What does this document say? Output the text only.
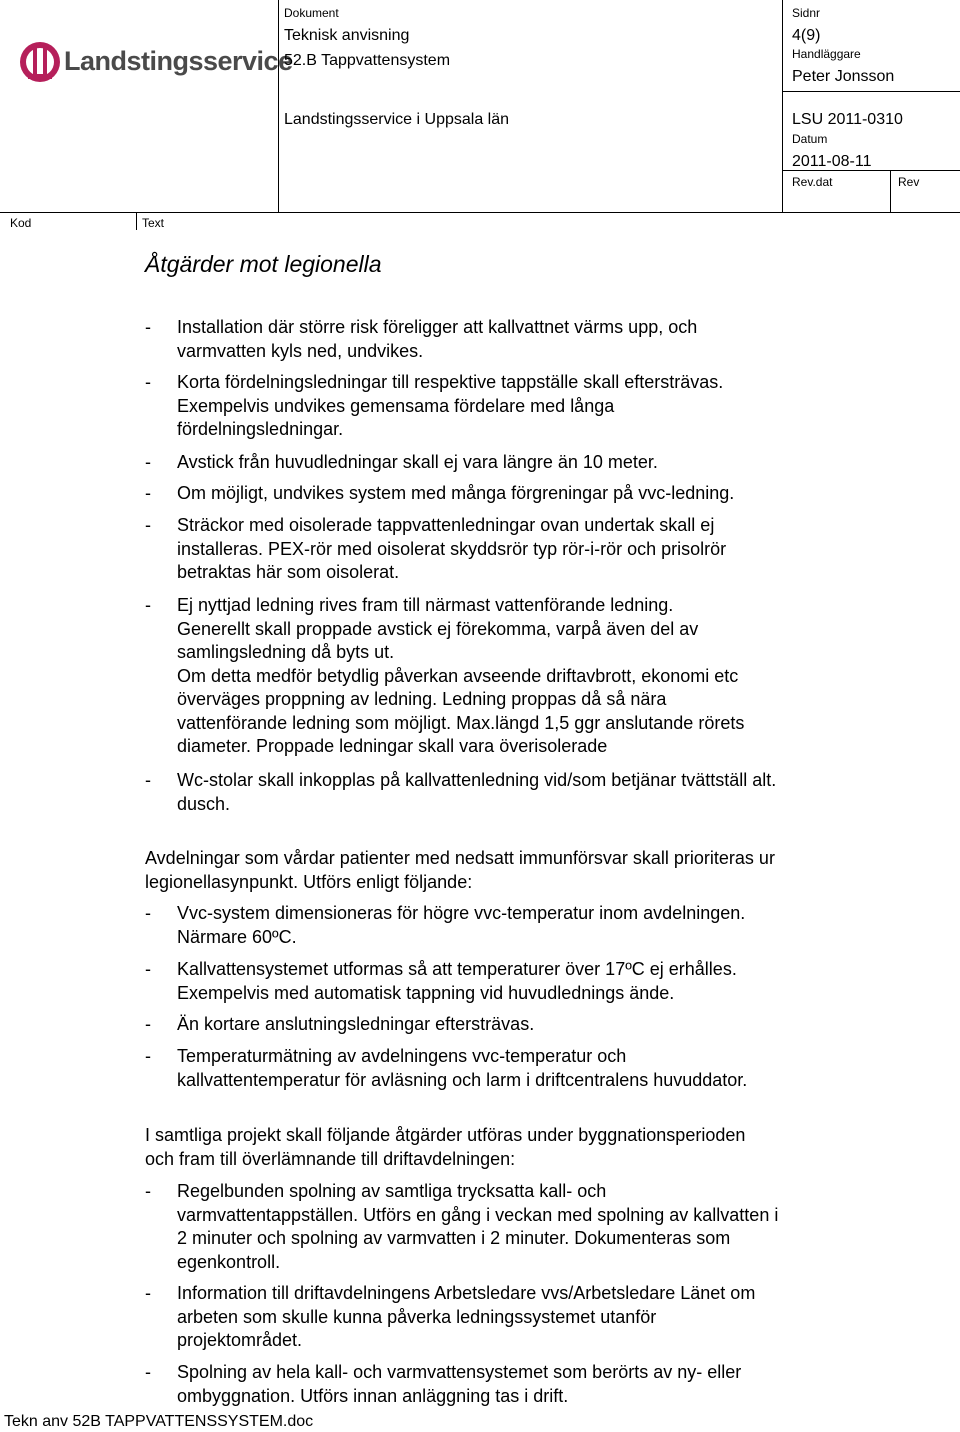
Landstingsservice
Dokument
Teknisk anvisning
52.B Tappvattensystem
Landstingsservice i Uppsala län
Sidnr
4(9)
Handläggare
Peter Jonsson
LSU 2011-0310
Datum
2011-08-11
Rev.dat	Rev
Kod	Text
Åtgärder mot legionella
- Installation där större risk föreligger att kallvattnet värms upp, och
varmvatten kyls ned, undvikes.
- Korta fördelningsledningar till respektive tappställe skall eftersträvas.
Exempelvis undvikes gemensama fördelare med långa
fördelningsledningar.
- Avstick från huvudledningar skall ej vara längre än 10 meter.
- Om möjligt, undvikes system med många förgreningar på vvc-ledning.
- Sträckor med oisolerade tappvattenledningar ovan undertak skall ej
installeras. PEX-rör med oisolerat skyddsrör typ rör-i-rör och prisolrör
betraktas här som oisolerat.
- Ej nyttjad ledning rives fram till närmast vattenförande ledning.
Generellt skall proppade avstick ej förekomma, varpå även del av
samlingsledning då byts ut.
Om detta medför betydlig påverkan avseende driftavbrott, ekonomi etc
överväges proppning av ledning. Ledning proppas då så nära
vattenförande ledning som möjligt. Max.längd 1,5 ggr anslutande rörets
diameter. Proppade ledningar skall vara överisolerade
- Wc-stolar skall inkopplas på kallvattenledning vid/som betjänar tvättställ alt.
dusch.
Avdelningar som vårdar patienter med nedsatt immunförsvar skall prioriteras ur
legionellasynpunkt. Utförs enligt följande:
- Vvc-system dimensioneras för högre vvc-temperatur inom avdelningen.
Närmare 60ºC.
- Kallvattensystemet utformas så att temperaturer över 17ºC ej erhålles.
Exempelvis med automatisk tappning vid huvudlednings ände.
- Än kortare anslutningsledningar eftersträvas.
- Temperaturmätning av avdelningens vvc-temperatur och
kallvattentemperatur för avläsning och larm i driftcentralens huvuddator.
I samtliga projekt skall följande åtgärder utföras under byggnationsperioden
och fram till överlämnande till driftavdelningen:
- Regelbunden spolning av samtliga trycksatta kall- och
varmvattentappställen. Utförs en gång i veckan med spolning av kallvatten i
2 minuter och spolning av varmvatten i 2 minuter. Dokumenteras som
egenkontroll.
- Information till driftavdelningens Arbetsledare vvs/Arbetsledare Länet om
arbeten som skulle kunna påverka ledningssystemet utanför
projektområdet.
- Spolning av hela kall- och varmvattensystemet som berörts av ny- eller
ombyggnation. Utförs innan anläggning tas i drift.
Tekn anv 52B TAPPVATTENSSYSTEM.doc
